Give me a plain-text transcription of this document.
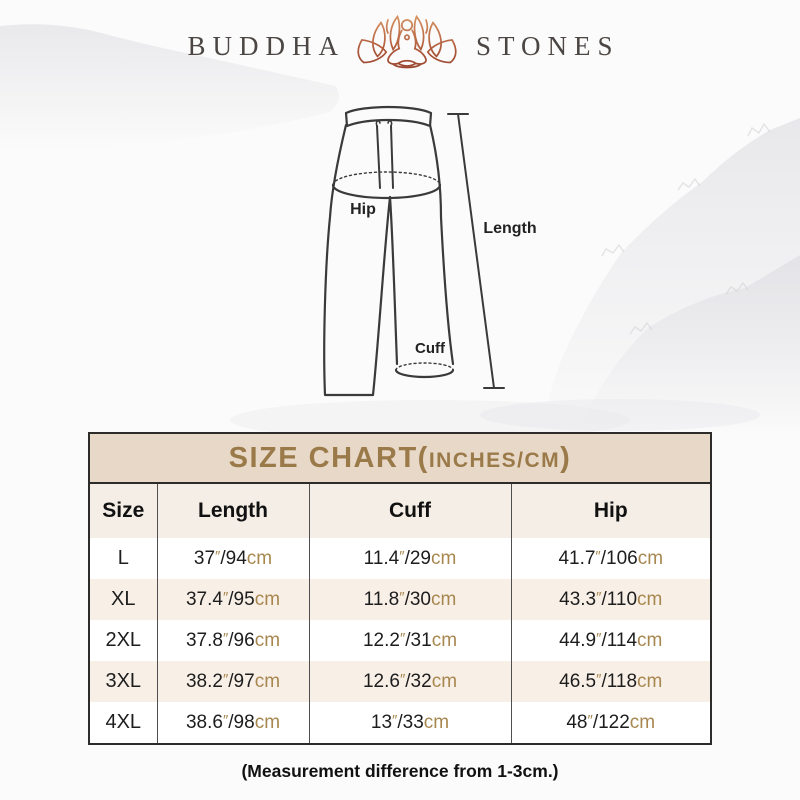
BUDDHA	STONES
Hip
Cuff
Length
SIZE CHART(INCHES/CM)
Size	Length	Cuff	Hip
L	37″/94cm	11.4″/29cm	41.7″/106cm
XL	37.4″/95cm	11.8″/30cm	43.3″/110cm
2XL	37.8″/96cm	12.2″/31cm	44.9″/114cm
3XL	38.2″/97cm	12.6″/32cm	46.5″/118cm
4XL	38.6″/98cm	13″/33cm	48″/122cm
(Measurement difference from 1-3cm.)
